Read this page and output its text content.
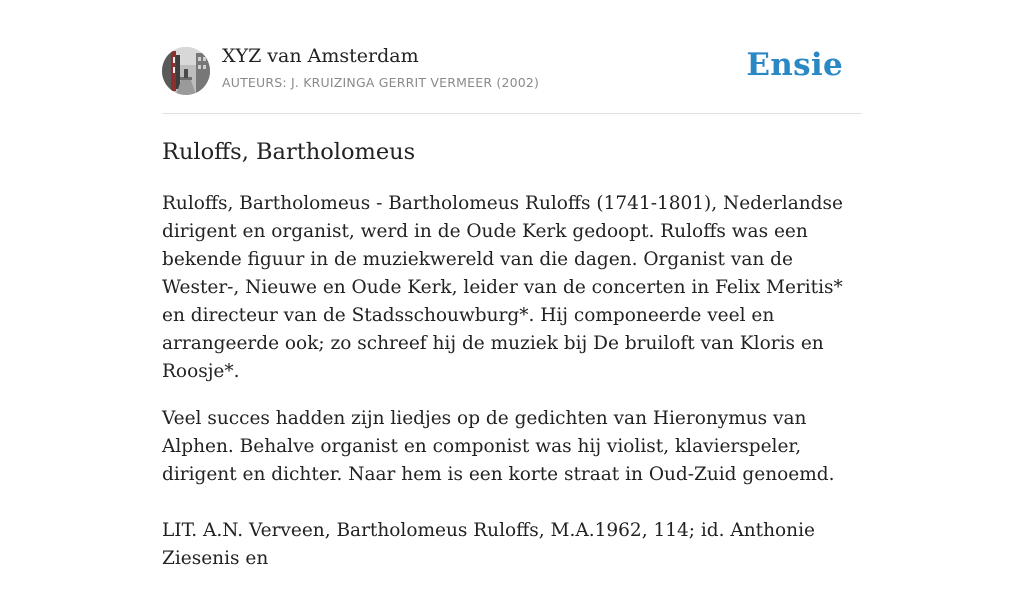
XYZ van Amsterdam
AUTEURS: J. KRUIZINGA GERRIT VERMEER (2002)	Ensie
Ruloffs, Bartholomeus

Ruloffs, Bartholomeus - Bartholomeus Ruloffs (1741-1801), Nederlandse dirigent en organist, werd in de Oude Kerk gedoopt. Ruloffs was een bekende figuur in de muziekwereld van die dagen. Organist van de Wester-, Nieuwe en Oude Kerk, leider van de concerten in Felix Meritis* en directeur van de Stadsschouwburg*. Hij componeerde veel en arrangeerde ook; zo schreef hij de muziek bij De bruiloft van Kloris en Roosje*.

Veel succes hadden zijn liedjes op de gedichten van Hieronymus van Alphen. Behalve organist en componist was hij violist, klavierspeler, dirigent en dichter. Naar hem is een korte straat in Oud-Zuid genoemd.

LIT. A.N. Verveen, Bartholomeus Ruloffs, M.A.1962, 114; id. Anthonie Ziesenis en
